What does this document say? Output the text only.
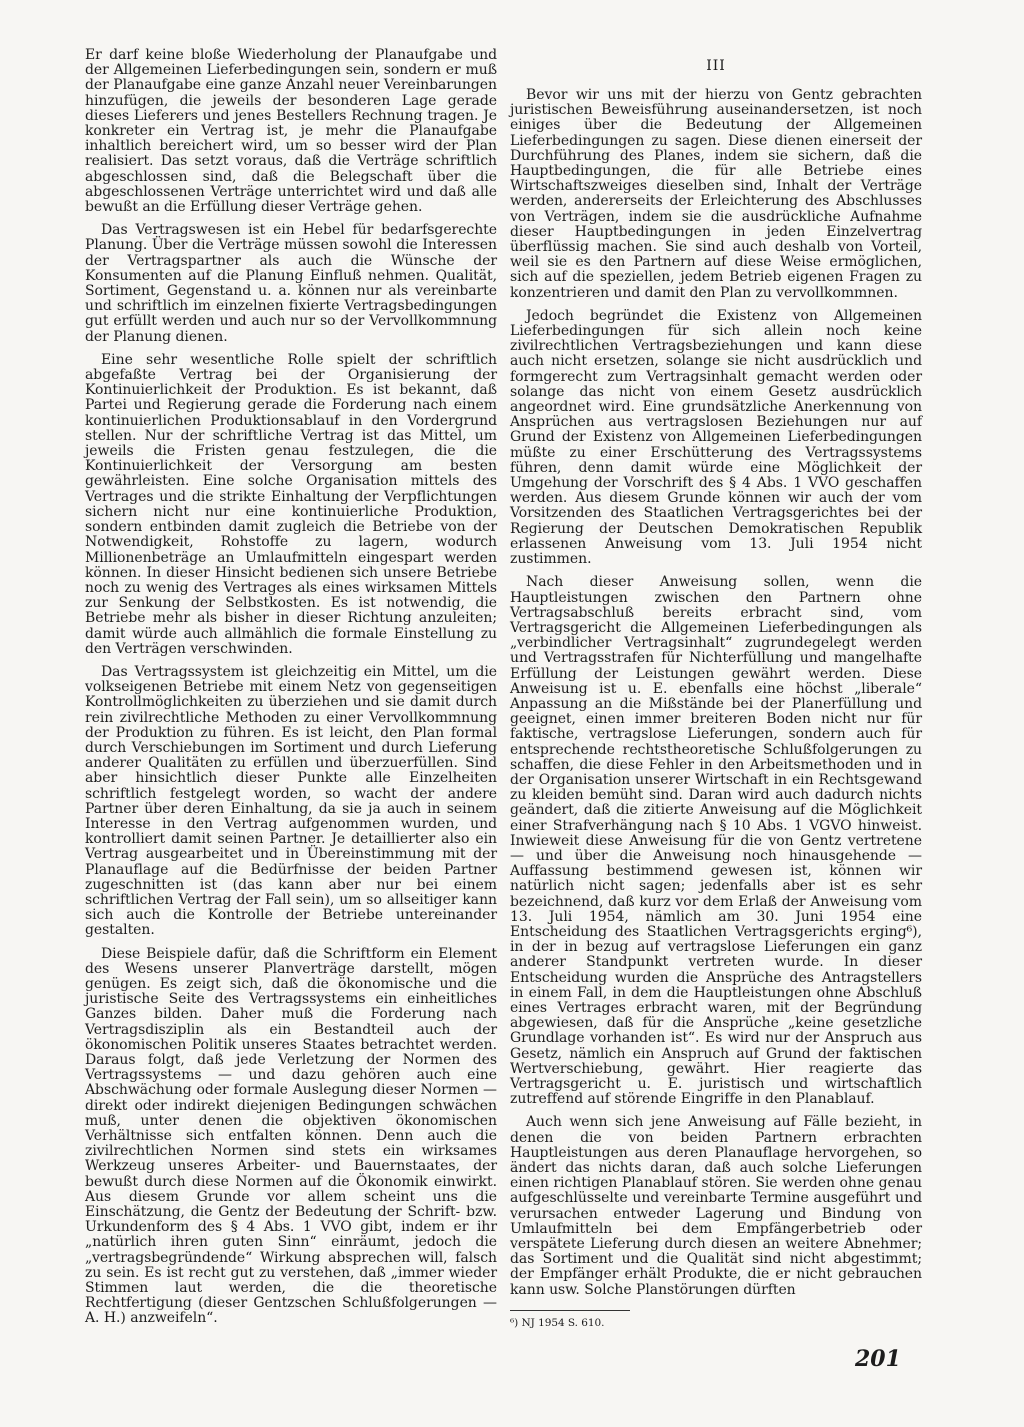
Er darf keine bloße Wiederholung der Planaufgabe und der Allgemeinen Lieferbedingungen sein, sondern er muß der Planaufgabe eine ganze Anzahl neuer Vereinbarungen hinzufügen, die jeweils der besonderen Lage gerade dieses Lieferers und jenes Bestellers Rechnung tragen. Je konkreter ein Vertrag ist, je mehr die Planaufgabe inhaltlich bereichert wird, um so besser wird der Plan realisiert. Das setzt voraus, daß die Verträge schriftlich abgeschlossen sind, daß die Belegschaft über die abgeschlossenen Verträge unterrichtet wird und daß alle bewußt an die Erfüllung dieser Verträge gehen.

Das Vertragswesen ist ein Hebel für bedarfsgerechte Planung. Über die Verträge müssen sowohl die Interessen der Vertragspartner als auch die Wünsche der Konsumenten auf die Planung Einfluß nehmen. Qualität, Sortiment, Gegenstand u. a. können nur als vereinbarte und schriftlich im einzelnen fixierte Vertragsbedingungen gut erfüllt werden und auch nur so der Vervollkommnung der Planung dienen.

Eine sehr wesentliche Rolle spielt der schriftlich abgefaßte Vertrag bei der Organisierung der Kontinuierlichkeit der Produktion. Es ist bekannt, daß Partei und Regierung gerade die Forderung nach einem kontinuierlichen Produktionsablauf in den Vordergrund stellen. Nur der schriftliche Vertrag ist das Mittel, um jeweils die Fristen genau festzulegen, die die Kontinuierlichkeit der Versorgung am besten gewährleisten. Eine solche Organisation mittels des Vertrages und die strikte Einhaltung der Verpflichtungen sichern nicht nur eine kontinuierliche Produktion, sondern entbinden damit zugleich die Betriebe von der Notwendigkeit, Rohstoffe zu lagern, wodurch Millionenbeträge an Umlaufmitteln eingespart werden können. In dieser Hinsicht bedienen sich unsere Betriebe noch zu wenig des Vertrages als eines wirksamen Mittels zur Senkung der Selbstkosten. Es ist notwendig, die Betriebe mehr als bisher in dieser Richtung anzuleiten; damit würde auch allmählich die formale Einstellung zu den Verträgen verschwinden.

Das Vertragssystem ist gleichzeitig ein Mittel, um die volkseigenen Betriebe mit einem Netz von gegenseitigen Kontrollmöglichkeiten zu überziehen und sie damit durch rein zivilrechtliche Methoden zu einer Vervollkommnung der Produktion zu führen. Es ist leicht, den Plan formal durch Verschiebungen im Sortiment und durch Lieferung anderer Qualitäten zu erfüllen und überzuerfüllen. Sind aber hinsichtlich dieser Punkte alle Einzelheiten schriftlich festgelegt worden, so wacht der andere Partner über deren Einhaltung, da sie ja auch in seinem Interesse in den Vertrag aufgenommen wurden, und kontrolliert damit seinen Partner. Je detaillierter also ein Vertrag ausgearbeitet und in Übereinstimmung mit der Planauflage auf die Bedürfnisse der beiden Partner zugeschnitten ist (das kann aber nur bei einem schriftlichen Vertrag der Fall sein), um so allseitiger kann sich auch die Kontrolle der Betriebe untereinander gestalten.

Diese Beispiele dafür, daß die Schriftform ein Element des Wesens unserer Planverträge darstellt, mögen genügen. Es zeigt sich, daß die ökonomische und die juristische Seite des Vertragssystems ein einheitliches Ganzes bilden. Daher muß die Forderung nach Vertragsdisziplin als ein Bestandteil auch der ökonomischen Politik unseres Staates betrachtet werden. Daraus folgt, daß jede Verletzung der Normen des Vertragssystems — und dazu gehören auch eine Abschwächung oder formale Auslegung dieser Normen — direkt oder indirekt diejenigen Bedingungen schwächen muß, unter denen die objektiven ökonomischen Verhältnisse sich entfalten können. Denn auch die zivilrechtlichen Normen sind stets ein wirksames Werkzeug unseres Arbeiter- und Bauernstaates, der bewußt durch diese Normen auf die Ökonomik einwirkt. Aus diesem Grunde vor allem scheint uns die Einschätzung, die Gentz der Bedeutung der Schrift- bzw. Urkundenform des § 4 Abs. 1 VVO gibt, indem er ihr „natürlich ihren guten Sinn“ einräumt, jedoch die „vertragsbegründende“ Wirkung absprechen will, falsch zu sein. Es ist recht gut zu verstehen, daß „immer wieder Stimmen laut werden, die die theoretische Rechtfertigung (dieser Gentzschen Schlußfolgerungen — A. H.) anzweifeln“.

III

Bevor wir uns mit der hierzu von Gentz gebrachten juristischen Beweisführung auseinandersetzen, ist noch einiges über die Bedeutung der Allgemeinen Lieferbedingungen zu sagen. Diese dienen einerseit der Durchführung des Planes, indem sie sichern, daß die Hauptbedingungen, die für alle Betriebe eines Wirtschaftszweiges dieselben sind, Inhalt der Verträge werden, andererseits der Erleichterung des Abschlusses von Verträgen, indem sie die ausdrückliche Aufnahme dieser Hauptbedingungen in jeden Einzelvertrag überflüssig machen. Sie sind auch deshalb von Vorteil, weil sie es den Partnern auf diese Weise ermöglichen, sich auf die speziellen, jedem Betrieb eigenen Fragen zu konzentrieren und damit den Plan zu vervollkommnen.

Jedoch begründet die Existenz von Allgemeinen Lieferbedingungen für sich allein noch keine zivilrechtlichen Vertragsbeziehungen und kann diese auch nicht ersetzen, solange sie nicht ausdrücklich und formgerecht zum Vertragsinhalt gemacht werden oder solange das nicht von einem Gesetz ausdrücklich angeordnet wird. Eine grundsätzliche Anerkennung von Ansprüchen aus vertragslosen Beziehungen nur auf Grund der Existenz von Allgemeinen Lieferbedingungen müßte zu einer Erschütterung des Vertragssystems führen, denn damit würde eine Möglichkeit der Umgehung der Vorschrift des § 4 Abs. 1 VVO geschaffen werden. Aus diesem Grunde können wir auch der vom Vorsitzenden des Staatlichen Vertragsgerichtes bei der Regierung der Deutschen Demokratischen Republik erlassenen Anweisung vom 13. Juli 1954 nicht zustimmen.

Nach dieser Anweisung sollen, wenn die Hauptleistungen zwischen den Partnern ohne Vertragsabschluß bereits erbracht sind, vom Vertragsgericht die Allgemeinen Lieferbedingungen als „verbindlicher Vertragsinhalt“ zugrundegelegt werden und Vertragsstrafen für Nichterfüllung und mangelhafte Erfüllung der Leistungen gewährt werden. Diese Anweisung ist u. E. ebenfalls eine höchst „liberale“ Anpassung an die Mißstände bei der Planerfüllung und geeignet, einen immer breiteren Boden nicht nur für faktische, vertragslose Lieferungen, sondern auch für entsprechende rechtstheoretische Schlußfolgerungen zu schaffen, die diese Fehler in den Arbeitsmethoden und in der Organisation unserer Wirtschaft in ein Rechtsgewand zu kleiden bemüht sind. Daran wird auch dadurch nichts geändert, daß die zitierte Anweisung auf die Möglichkeit einer Strafverhängung nach § 10 Abs. 1 VGVO hinweist. Inwieweit diese Anweisung für die von Gentz vertretene — und über die Anweisung noch hinausgehende — Auffassung bestimmend gewesen ist, können wir natürlich nicht sagen; jedenfalls aber ist es sehr bezeichnend, daß kurz vor dem Erlaß der Anweisung vom 13. Juli 1954, nämlich am 30. Juni 1954 eine Entscheidung des Staatlichen Vertragsgerichts erging⁶), in der in bezug auf vertragslose Lieferungen ein ganz anderer Standpunkt vertreten wurde. In dieser Entscheidung wurden die Ansprüche des Antragstellers in einem Fall, in dem die Hauptleistungen ohne Abschluß eines Vertrages erbracht waren, mit der Begründung abgewiesen, daß für die Ansprüche „keine gesetzliche Grundlage vorhanden ist“. Es wird nur der Anspruch aus Gesetz, nämlich ein Anspruch auf Grund der faktischen Wertverschiebung, gewährt. Hier reagierte das Vertragsgericht u. E. juristisch und wirtschaftlich zutreffend auf störende Eingriffe in den Planablauf.

Auch wenn sich jene Anweisung auf Fälle bezieht, in denen die von beiden Partnern erbrachten Hauptleistungen aus deren Planauflage hervorgehen, so ändert das nichts daran, daß auch solche Lieferungen einen richtigen Planablauf stören. Sie werden ohne genau aufgeschlüsselte und vereinbarte Termine ausgeführt und verursachen entweder Lagerung und Bindung von Umlaufmitteln bei dem Empfängerbetrieb oder verspätete Lieferung durch diesen an weitere Abnehmer; das Sortiment und die Qualität sind nicht abgestimmt; der Empfänger erhält Produkte, die er nicht gebrauchen kann usw. Solche Planstörungen dürften

⁶) NJ 1954 S. 610.

201
